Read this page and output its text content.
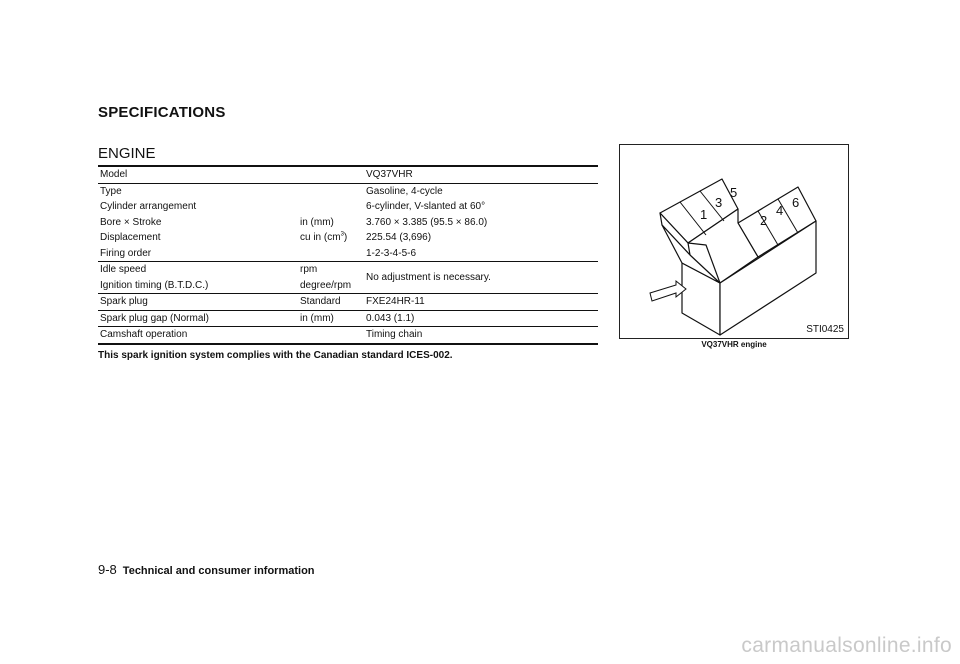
SPECIFICATIONS
ENGINE
Model		VQ37VHR
Type		Gasoline, 4-cycle
Cylinder arrangement		6-cylinder, V-slanted at 60°
Bore × Stroke	in (mm)	3.760 × 3.385 (95.5 × 86.0)
Displacement	cu in $(cm^3)$	225.54 (3,696)
Firing order		1-2-3-4-5-6
Idle speed	rpm	No adjustment is necessary.
Ignition timing (B.T.D.C.)	degree/rpm	
Spark plug	Standard	FXE24HR-11
Spark plug gap (Normal)	in (mm)	0.043 (1.1)
Camshaft operation		Timing chain
This spark ignition system complies with the Canadian standard ICES-002.
1
3
5
2
4
6
STI0425
VQ37VHR engine
9-8 Technical and consumer information
carmanualsonline.info
